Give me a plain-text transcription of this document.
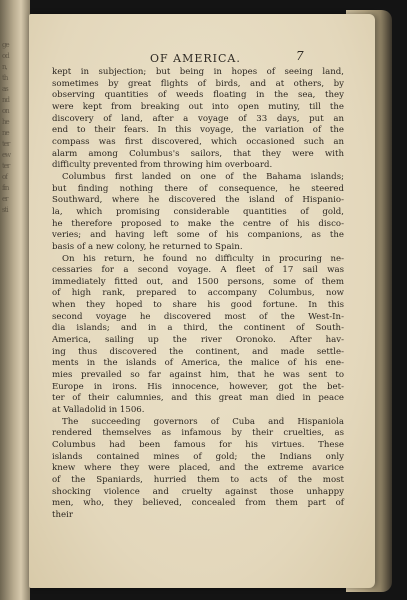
ge
od
n,
th
as
nd
on
he
ne
ter
ew
ter
of
fin
er
sti
OF AMERICA.	7
kept in subjection; but being in hopes of seeing land,
sometimes by great flights of birds, and at others, by
observing quantities of weeds floating in the sea, they
were kept from breaking out into open mutiny, till the
discovery of land, after a voyage of 33 days, put an
end to their fears. In this voyage, the variation of the
compass was first discovered, which occasioned such an
alarm among Columbus's sailors, that they were with
difficulty prevented from throwing him overboard.
Columbus first landed on one of the Bahama islands;
but finding nothing there of consequence, he steered
Southward, where he discovered the island of Hispanio-
la, which promising considerable quantities of gold,
he therefore proposed to make the centre of his disco-
veries; and having left some of his companions, as the
basis of a new colony, he returned to Spain.
On his return, he found no difficulty in procuring ne-
cessaries for a second voyage. A fleet of 17 sail was
immediately fitted out, and 1500 persons, some of them
of high rank, prepared to accompany Columbus, now
when they hoped to share his good fortune. In this
second voyage he discovered most of the West-In-
dia islands; and in a third, the continent of South-
America, sailing up the river Oronoko. After hav-
ing thus discovered the continent, and made settle-
ments in the islands of America, the malice of his ene-
mies prevailed so far against him, that he was sent to
Europe in irons. His innocence, however, got the bet-
ter of their calumnies, and this great man died in peace
at Valladolid in 1506.
The succeeding governors of Cuba and Hispaniola
rendered themselves as infamous by their cruelties, as
Columbus had been famous for his virtues. These
islands contained mines of gold; the Indians only
knew where they were placed, and the extreme avarice
of the Spaniards, hurried them to acts of the most
shocking violence and cruelty against those unhappy
men, who, they believed, concealed from them part of
their
